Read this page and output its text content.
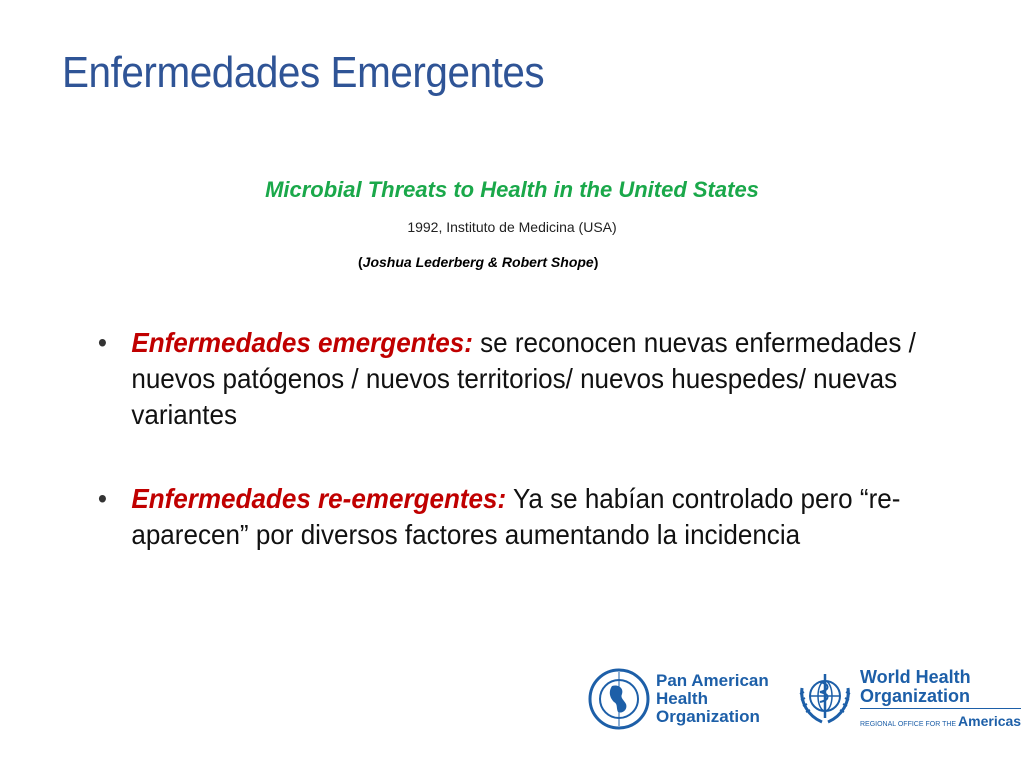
Enfermedades Emergentes
Microbial Threats to Health in the United States
1992, Instituto de Medicina (USA)
(Joshua Lederberg & Robert Shope)
• Enfermedades emergentes: se reconocen nuevas enfermedades / nuevos patógenos / nuevos territorios/ nuevos huespedes/ nuevas variantes
• Enfermedades re-emergentes: Ya se habían controlado pero “re-aparecen” por diversos factores aumentando la incidencia
Pan American
Health
Organization
World Health
Organization
REGIONAL OFFICE FOR THE Americas
